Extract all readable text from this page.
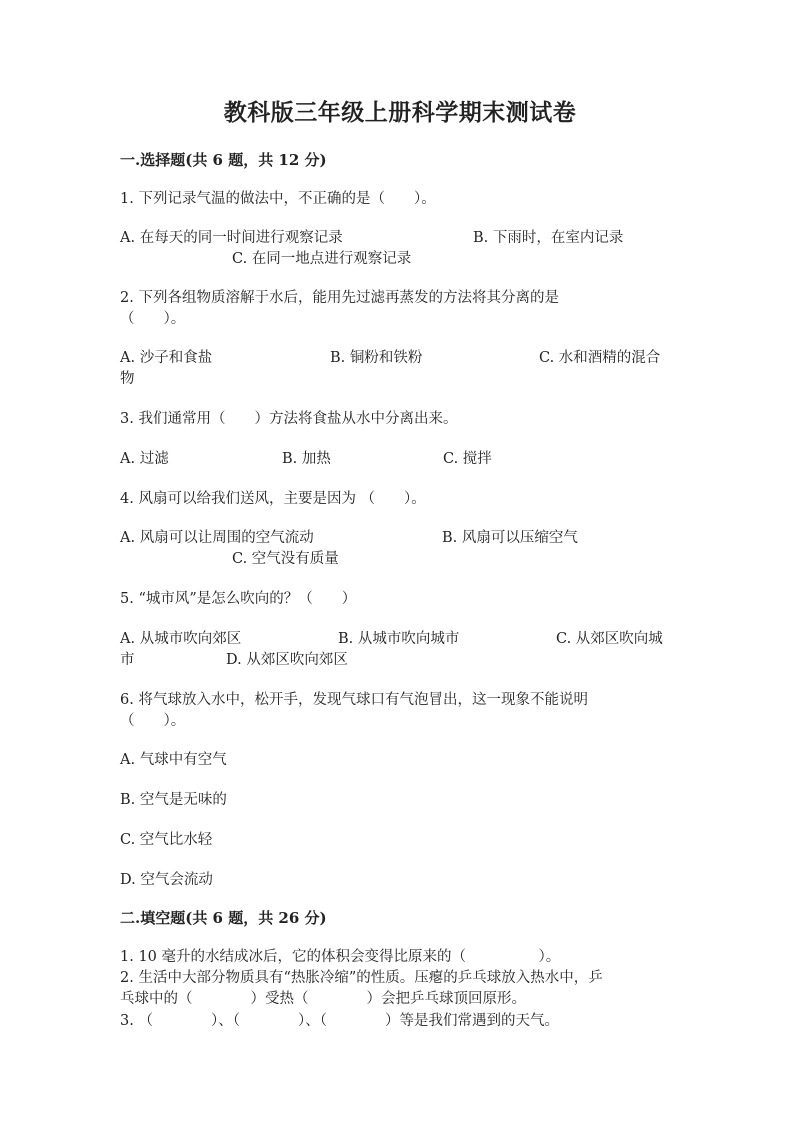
教科版三年级上册科学期末测试卷
一.选择题(共 6 题，共 12 分)
1. 下列记录气温的做法中，不正确的是（　　）。
A. 在每天的同一时间进行观察记录	B. 下雨时，在室内记录
C. 在同一地点进行观察记录
2. 下列各组物质溶解于水后，能用先过滤再蒸发的方法将其分离的是
（　　）。
A. 沙子和食盐	B. 铜粉和铁粉	C. 水和酒精的混合
物
3. 我们通常用（　　）方法将食盐从水中分离出来。
A. 过滤	B. 加热	C. 搅拌
4. 风扇可以给我们送风，主要是因为 （　　）。
A. 风扇可以让周围的空气流动	B. 风扇可以压缩空气
C. 空气没有质量
5. “城市风”是怎么吹向的？（　　）
A. 从城市吹向郊区	B. 从城市吹向城市	C. 从郊区吹向城
市	D. 从郊区吹向郊区
6. 将气球放入水中，松开手，发现气球口有气泡冒出，这一现象不能说明
（　　）。
A. 气球中有空气
B. 空气是无味的
C. 空气比水轻
D. 空气会流动
二.填空题(共 6 题，共 26 分)
1. 10 毫升的水结成冰后，它的体积会变得比原来的（　　　　　）。
2. 生活中大部分物质具有“热胀冷缩”的性质。压瘪的乒乓球放入热水中，乒
乓球中的（　　　　）受热（　　　　）会把乒乓球顶回原形。
3. （　　　　）、（　　　　）、（　　　　）等是我们常遇到的天气。
